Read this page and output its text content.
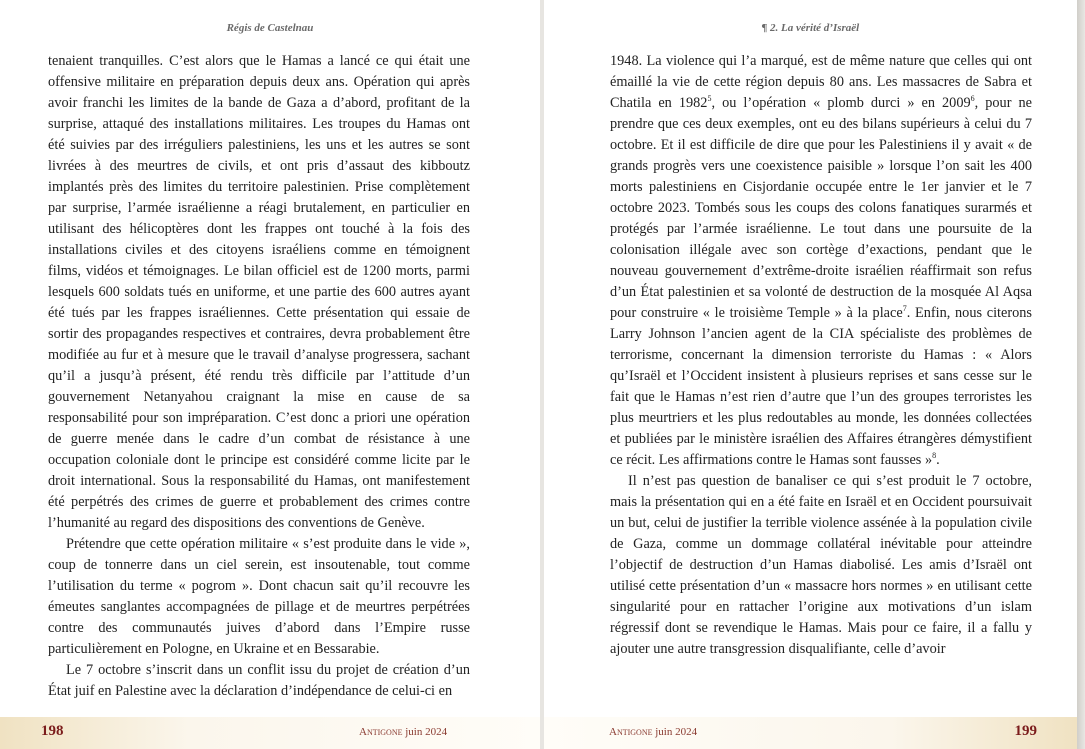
Régis de Castelnau

tenaient tranquilles. C’est alors que le Hamas a lancé ce qui était une offensive militaire en préparation depuis deux ans. Opération qui après avoir franchi les limites de la bande de Gaza a d’abord, profitant de la surprise, attaqué des installations militaires. Les troupes du Hamas ont été suivies par des irréguliers palestiniens, les uns et les autres se sont livrées à des meurtres de civils, et ont pris d’assaut des kibboutz implantés près des limites du territoire palestinien. Prise complètement par surprise, l’armée israélienne a réagi brutalement, en particulier en utilisant des hélicoptères dont les frappes ont touché à la fois des installations civiles et des citoyens israéliens comme en témoignent films, vidéos et témoignages. Le bilan officiel est de 1200 morts, parmi lesquels 600 soldats tués en uniforme, et une partie des 600 autres ayant été tués par les frappes israéliennes. Cette présentation qui essaie de sortir des propagandes respectives et contraires, devra probablement être modifiée au fur et à mesure que le travail d’analyse progressera, sachant qu’il a jusqu’à présent, été rendu très difficile par l’attitude d’un gouvernement Netanyahou craignant la mise en cause de sa responsabilité pour son impréparation. C’est donc a priori une opération de guerre menée dans le cadre d’un combat de résistance à une occupation coloniale dont le principe est considéré comme licite par le droit international. Sous la responsabilité du Hamas, ont manifestement été perpétrés des crimes de guerre et probablement des crimes contre l’humanité au regard des dispositions des conventions de Genève.

Prétendre que cette opération militaire « s’est produite dans le vide », coup de tonnerre dans un ciel serein, est insoutenable, tout comme l’utilisation du terme « pogrom ». Dont chacun sait qu’il recouvre les émeutes sanglantes accompagnées de pillage et de meurtres perpétrées contre des communautés juives d’abord dans l’Empire russe particulièrement en Pologne, en Ukraine et en Bessarabie.

Le 7 octobre s’inscrit dans un conflit issu du projet de création d’un État juif en Palestine avec la déclaration d’indépendance de celui-ci en

198	Antigone juin 2024
¶ 2. La vérité d’Israël

1948. La violence qui l’a marqué, est de même nature que celles qui ont émaillé la vie de cette région depuis 80 ans. Les massacres de Sabra et Chatila en 1982$^5$, ou l’opération « plomb durci » en 2009$^6$, pour ne prendre que ces deux exemples, ont eu des bilans supérieurs à celui du 7 octobre. Et il est difficile de dire que pour les Palestiniens il y avait « de grands progrès vers une coexistence paisible » lorsque l’on sait les 400 morts palestiniens en Cisjordanie occupée entre le 1er janvier et le 7 octobre 2023. Tombés sous les coups des colons fanatiques surarmés et protégés par l’armée israélienne. Le tout dans une poursuite de la colonisation illégale avec son cortège d’exactions, pendant que le nouveau gouvernement d’extrême-droite israélien réaffirmait son refus d’un État palestinien et sa volonté de destruction de la mosquée Al Aqsa pour construire « le troisième Temple » à la place$^7$. Enfin, nous citerons Larry Johnson l’ancien agent de la CIA spécialiste des problèmes de terrorisme, concernant la dimension terroriste du Hamas : « Alors qu’Israël et l’Occident insistent à plusieurs reprises et sans cesse sur le fait que le Hamas n’est rien d’autre que l’un des groupes terroristes les plus meurtriers et les plus redoutables au monde, les données collectées et publiées par le ministère israélien des Affaires étrangères démystifient ce récit. Les affirmations contre le Hamas sont fausses »$^8$.

Il n’est pas question de banaliser ce qui s’est produit le 7 octobre, mais la présentation qui en a été faite en Israël et en Occident poursuivait un but, celui de justifier la terrible violence assénée à la population civile de Gaza, comme un dommage collatéral inévitable pour atteindre l’objectif de destruction d’un Hamas diabolisé. Les amis d’Israël ont utilisé cette présentation d’un « massacre hors normes » en utilisant cette singularité pour en rattacher l’origine aux motivations d’un islam régressif dont se revendique le Hamas. Mais pour ce faire, il a fallu y ajouter une autre transgression disqualifiante, celle d’avoir

Antigone juin 2024	199
